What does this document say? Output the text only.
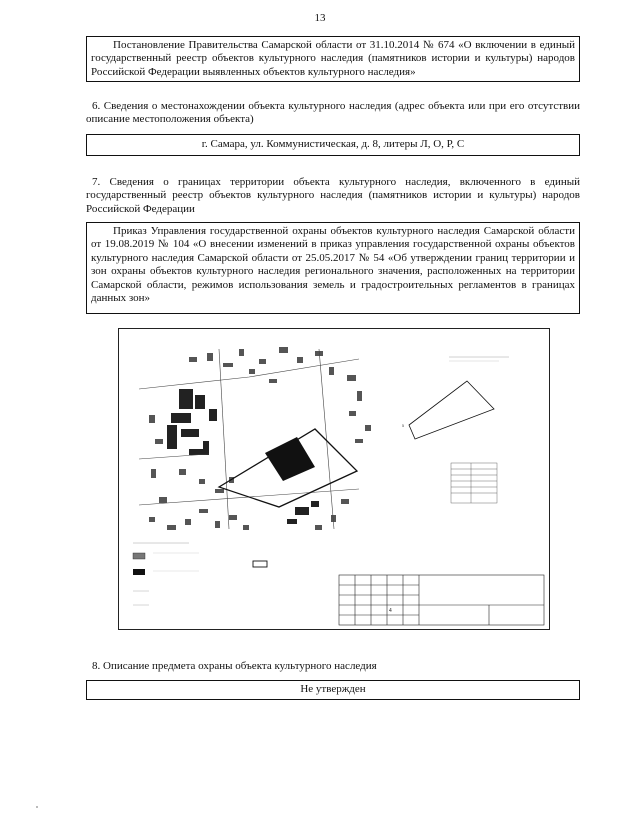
13

Постановление Правительства Самарской области от 31.10.2014 № 674 «О включении в единый государственный реестр объектов культурного наследия (памятников истории и культуры) народов Российской Федерации выявленных объектов культурного наследия»

6. Сведения о местонахождении объекта культурного наследия (адрес объекта или при его отсутствии описание местоположения объекта)

г. Самара, ул. Коммунистическая, д. 8, литеры Л, О, Р, С

7. Сведения о границах территории объекта культурного наследия, включенного в единый государственный реестр объектов культурного наследия (памятников истории и культуры) народов Российской Федерации

Приказ Управления государственной охраны объектов культурного наследия Самарской области от 19.08.2019 № 104 «О внесении изменений в приказ управления государственной охраны объектов культурного наследия Самарской области от 25.05.2017 № 54 «Об утверждении границ территории и зон охраны объектов культурного наследия регионального значения, расположенных на территории Самарской области, режимов использования земель и градостроительных регламентов в границах данных зон»

5
4

8. Описание предмета охраны объекта культурного наследия

Не утвержден
